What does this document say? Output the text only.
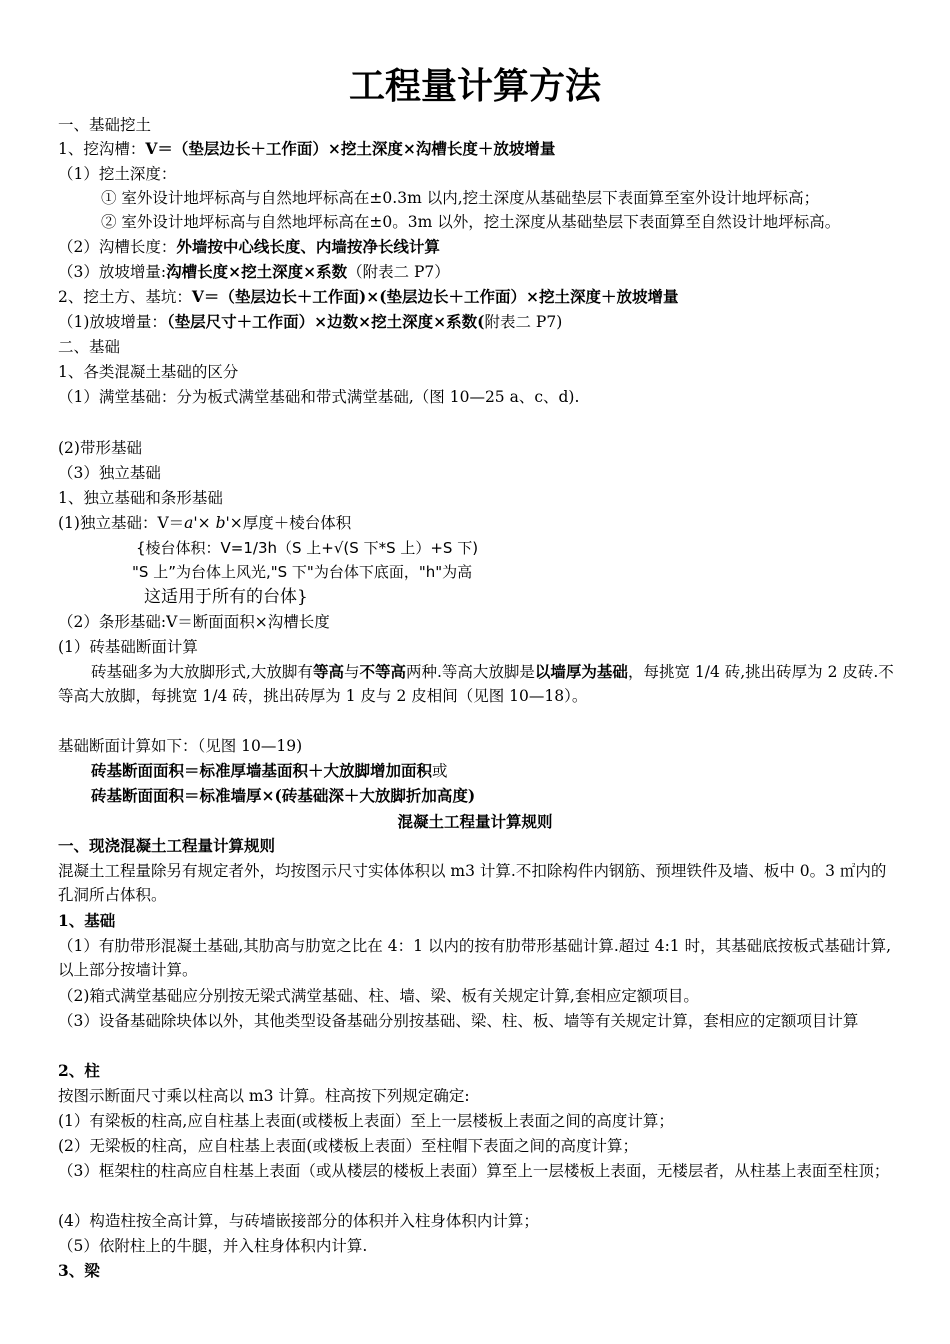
工程量计算方法
一、基础挖土
1、挖沟槽：V＝（垫层边长＋工作面）×挖土深度×沟槽长度＋放坡增量
（1）挖土深度：
① 室外设计地坪标高与自然地坪标高在±0.3m 以内,挖土深度从基础垫层下表面算至室外设计地坪标高；
② 室外设计地坪标高与自然地坪标高在±0。3m 以外，挖土深度从基础垫层下表面算至自然设计地坪标高。
（2）沟槽长度：外墙按中心线长度、内墙按净长线计算
（3）放坡增量:沟槽长度×挖土深度×系数（附表二 P7）
2、挖土方、基坑：V＝（垫层边长＋工作面)×(垫层边长＋工作面）×挖土深度＋放坡增量
（1)放坡增量：（垫层尺寸＋工作面）×边数×挖土深度×系数(附表二 P7)
二、基础
1、各类混凝土基础的区分
（1）满堂基础：分为板式满堂基础和带式满堂基础,（图 10—25 a、c、d).
(2)带形基础
（3）独立基础
1、独立基础和条形基础
(1)独立基础：V＝a'× b'×厚度＋棱台体积
{棱台体积：V=1/3h（S 上+√(S 下*S 上）+S 下)
"S 上”为台体上风光,"S 下"为台体下底面，"h"为高
这适用于所有的台体}
（2）条形基础:V＝断面面积×沟槽长度
(1）砖基础断面计算
砖基础多为大放脚形式,大放脚有等高与不等高两种.等高大放脚是以墙厚为基础，每挑宽 1/4 砖,挑出砖厚为 2 皮砖.不等高大放脚，每挑宽 1/4 砖，挑出砖厚为 1 皮与 2 皮相间（见图 10—18）。
基础断面计算如下：（见图 10—19)
砖基断面面积＝标准厚墙基面积＋大放脚增加面积或
砖基断面面积＝标准墙厚×(砖基础深＋大放脚折加高度)
混凝土工程量计算规则
一、现浇混凝土工程量计算规则
混凝土工程量除另有规定者外，均按图示尺寸实体体积以 m3 计算.不扣除构件内钢筋、预埋铁件及墙、板中 0。3 ㎡内的孔洞所占体积。
1、基础
（1）有肋带形混凝土基础,其肋高与肋宽之比在 4：1 以内的按有肋带形基础计算.超过 4:1 时，其基础底按板式基础计算,以上部分按墙计算。
（2)箱式满堂基础应分别按无梁式满堂基础、柱、墙、梁、板有关规定计算,套相应定额项目。
（3）设备基础除块体以外，其他类型设备基础分别按基础、梁、柱、板、墙等有关规定计算，套相应的定额项目计算
2、柱
按图示断面尺寸乘以柱高以 m3 计算。柱高按下列规定确定:
(1）有梁板的柱高,应自柱基上表面(或楼板上表面）至上一层楼板上表面之间的高度计算；
(2）无梁板的柱高，应自柱基上表面(或楼板上表面）至柱帽下表面之间的高度计算；
（3）框架柱的柱高应自柱基上表面（或从楼层的楼板上表面）算至上一层楼板上表面，无楼层者，从柱基上表面至柱顶；
(4）构造柱按全高计算，与砖墙嵌接部分的体积并入柱身体积内计算；
（5）依附柱上的牛腿，并入柱身体积内计算.
3、梁
